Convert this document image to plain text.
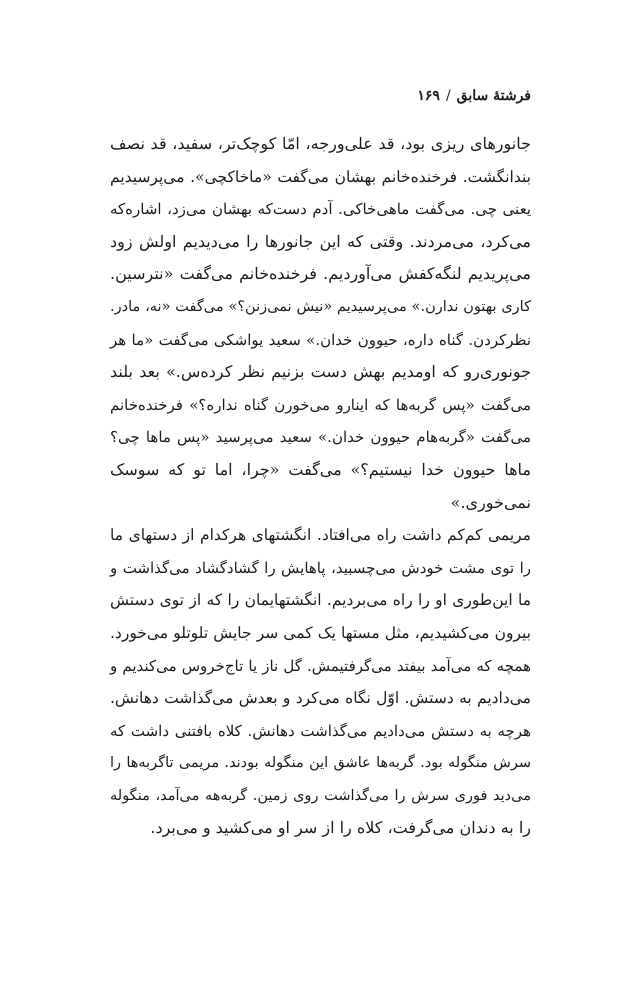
فرشتهٔ سابق/۱۶۹
جانورهای ریزی بود، قد علی‌ورجه، امّا کوچک‌تر، سفید، قد نصف
بندانگشت. فرخنده‌خانم بهشان می‌گفت «ماخاکچی». می‌پرسیدیم
یعنی چی. می‌گفت ماهی‌خاکی. آدم دست‌که بهشان می‌زد، اشاره‌که
می‌کرد، می‌مردند. وقتی که این جانورها را می‌دیدیم اولش زود
می‌پریدیم لنگه‌کفش می‌آوردیم. فرخنده‌خانم می‌گفت «نترسین.
کاری بهتون ندارن.» می‌پرسیدیم «نیش نمی‌زنن؟» می‌گفت «نه، مادر.
نظرکردن. گناه داره، حیوون خدان.» سعید یواشکی می‌گفت «ما هر
جونوری‌رو که اومدیم بهش دست بزنیم نظر کرده‌س.» بعد بلند
می‌گفت «پس گربه‌ها که اینارو می‌خورن گناه نداره؟» فرخنده‌خانم
می‌گفت «گربه‌هام حیوون خدان.» سعید می‌پرسید «پس ماها چی؟
ماها حیوون خدا نیستیم؟» می‌گفت «چرا، اما تو که سوسک
نمی‌خوری.»
مریمی کم‌کم داشت راه می‌افتاد. انگشتهای هرکدام از دستهای ما
را توی مشت خودش می‌چسبید، پاهایش را گشادگشاد می‌گذاشت و
ما این‌طوری او را راه می‌بردیم. انگشتهایمان را که از توی دستش
بیرون می‌کشیدیم، مثل مستها یک کمی سر جایش تلوتلو می‌خورد.
همچه که می‌آمد بیفتد می‌گرفتیمش. گل ناز یا تاج‌خروس می‌کندیم و
می‌دادیم به دستش. اوّل نگاه می‌کرد و بعدش می‌گذاشت دهانش.
هرچه به دستش می‌دادیم می‌گذاشت دهانش. کلاه بافتنی داشت که
سرش منگوله بود. گربه‌ها عاشق این منگوله بودند. مریمی تاگربه‌ها را
می‌دید فوری سرش را می‌گذاشت روی زمین. گربه‌هه می‌آمد، منگوله
را به دندان می‌گرفت، کلاه را از سر او می‌کشید و می‌برد.
